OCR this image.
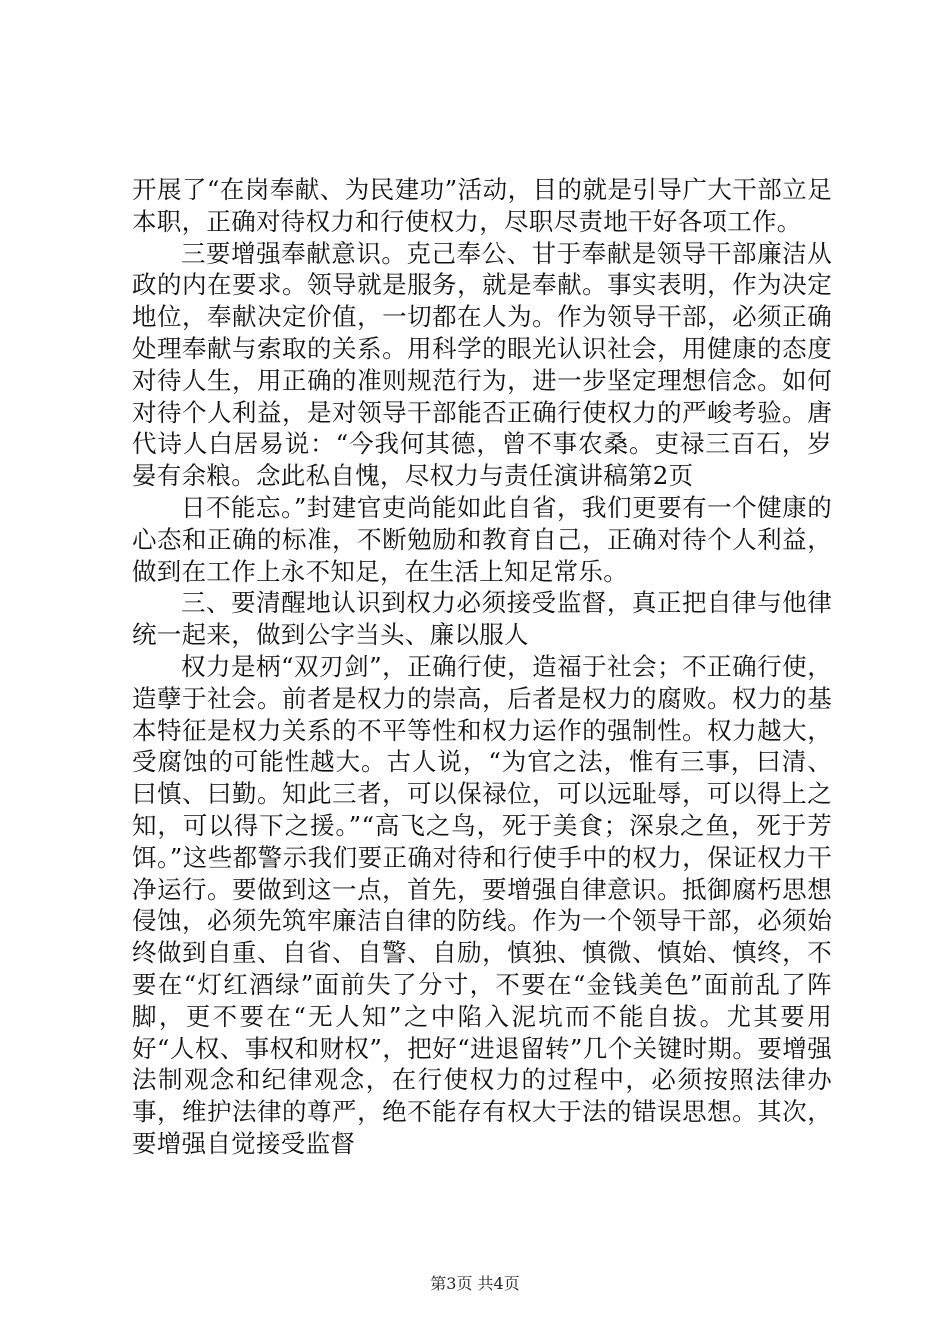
开展了“在岗奉献、为民建功”活动，目的就是引导广大干部立足本职，正确对待权力和行使权力，尽职尽责地干好各项工作。

三要增强奉献意识。克己奉公、甘于奉献是领导干部廉洁从政的内在要求。领导就是服务，就是奉献。事实表明，作为决定地位，奉献决定价值，一切都在人为。作为领导干部，必须正确处理奉献与索取的关系。用科学的眼光认识社会，用健康的态度对待人生，用正确的准则规范行为，进一步坚定理想信念。如何对待个人利益，是对领导干部能否正确行使权力的严峻考验。唐代诗人白居易说：“今我何其德，曾不事农桑。吏禄三百石，岁晏有余粮。念此私自愧，尽权力与责任演讲稿第2页

日不能忘。”封建官吏尚能如此自省，我们更要有一个健康的心态和正确的标准，不断勉励和教育自己，正确对待个人利益，做到在工作上永不知足，在生活上知足常乐。

三、要清醒地认识到权力必须接受监督，真正把自律与他律统一起来，做到公字当头、廉以服人

权力是柄“双刃剑”，正确行使，造福于社会；不正确行使，造孽于社会。前者是权力的崇高，后者是权力的腐败。权力的基本特征是权力关系的不平等性和权力运作的强制性。权力越大，受腐蚀的可能性越大。古人说，“为官之法，惟有三事，曰清、曰慎、曰勤。知此三者，可以保禄位，可以远耻辱，可以得上之知，可以得下之援。”“高飞之鸟，死于美食；深泉之鱼，死于芳饵。”这些都警示我们要正确对待和行使手中的权力，保证权力干净运行。要做到这一点，首先，要增强自律意识。抵御腐朽思想侵蚀，必须先筑牢廉洁自律的防线。作为一个领导干部，必须始终做到自重、自省、自警、自励，慎独、慎微、慎始、慎终，不要在“灯红酒绿”面前失了分寸，不要在“金钱美色”面前乱了阵脚，更不要在“无人知”之中陷入泥坑而不能自拔。尤其要用好“人权、事权和财权”，把好“进退留转”几个关键时期。要增强法制观念和纪律观念，在行使权力的过程中，必须按照法律办事，维护法律的尊严，绝不能存有权大于法的错误思想。其次，要增强自觉接受监督

第3页 共4页
